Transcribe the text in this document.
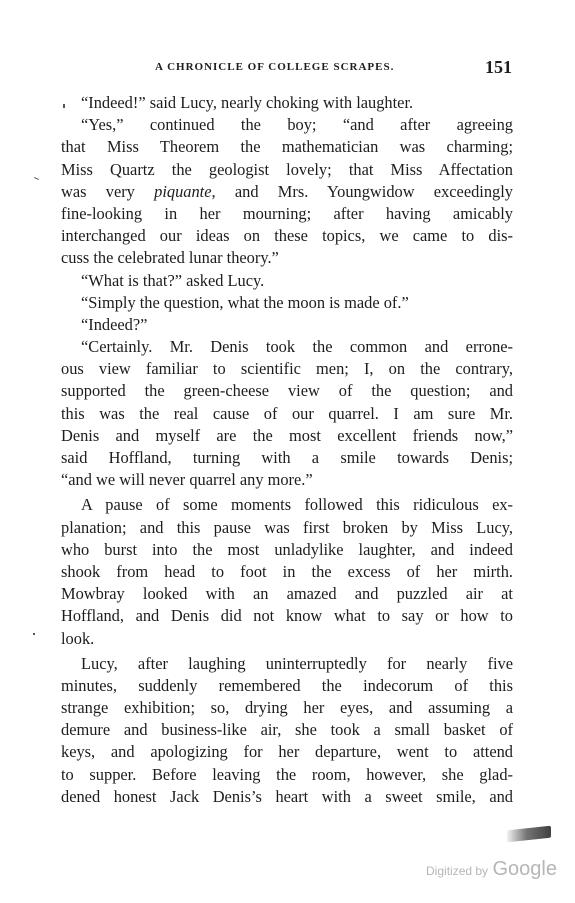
A CHRONICLE OF COLLEGE SCRAPES.	151
“Indeed!” said Lucy, nearly choking with laughter.
“Yes,” continued the boy; “and after agreeing
that Miss Theorem the mathematician was charming;
Miss Quartz the geologist lovely; that Miss Affectation
was very piquante, and Mrs. Youngwidow exceedingly
fine-looking in her mourning; after having amicably
interchanged our ideas on these topics, we came to dis-
cuss the celebrated lunar theory.”
“What is that?” asked Lucy.
“Simply the question, what the moon is made of.”
“Indeed?”
“Certainly. Mr. Denis took the common and errone-
ous view familiar to scientific men; I, on the contrary,
supported the green-cheese view of the question; and
this was the real cause of our quarrel. I am sure Mr.
Denis and myself are the most excellent friends now,”
said Hoffland, turning with a smile towards Denis;
“and we will never quarrel any more.”
A pause of some moments followed this ridiculous ex-
planation; and this pause was first broken by Miss Lucy,
who burst into the most unladylike laughter, and indeed
shook from head to foot in the excess of her mirth.
Mowbray looked with an amazed and puzzled air at
Hoffland, and Denis did not know what to say or how to
look.
Lucy, after laughing uninterruptedly for nearly five
minutes, suddenly remembered the indecorum of this
strange exhibition; so, drying her eyes, and assuming a
demure and business-like air, she took a small basket of
keys, and apologizing for her departure, went to attend
to supper. Before leaving the room, however, she glad-
dened honest Jack Denis’s heart with a sweet smile, and
Digitized by Google
